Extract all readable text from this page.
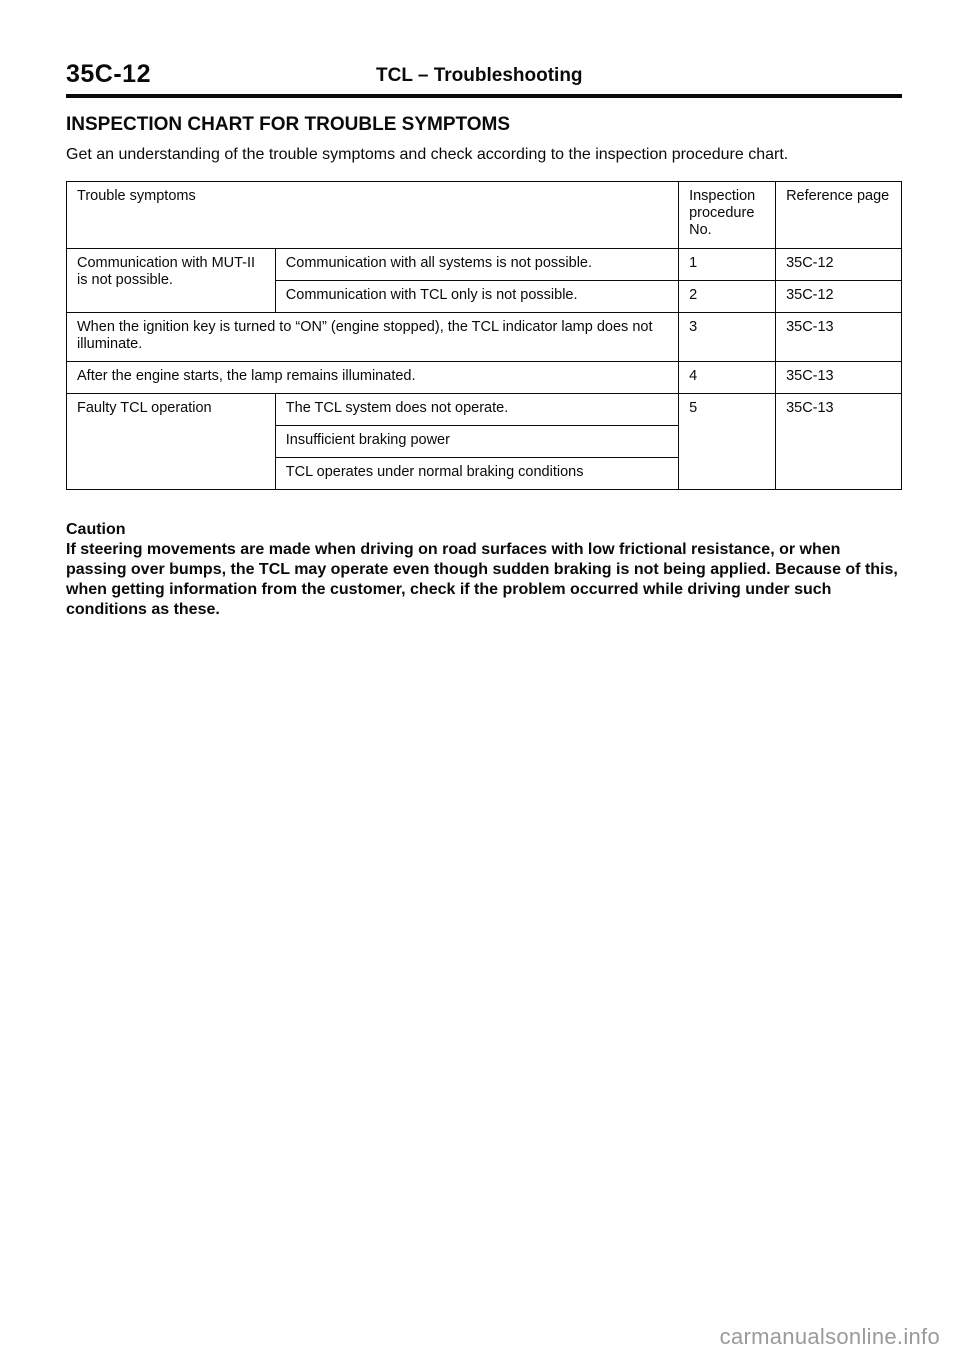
35C-12	TCL – Troubleshooting
INSPECTION CHART FOR TROUBLE SYMPTOMS

Get an understanding of the trouble symptoms and check according to the inspection procedure chart.

Trouble symptoms		Inspection procedure No.	Reference page
Communication with MUT-II is not possible.	Communication with all systems is not possible.	1	35C-12
	Communication with TCL only is not possible.	2	35C-12
When the ignition key is turned to “ON” (engine stopped), the TCL indicator lamp does not illuminate.		3	35C-13
After the engine starts, the lamp remains illuminated.		4	35C-13
Faulty TCL operation	The TCL system does not operate.	5	35C-13
	Insufficient braking power		
	TCL operates under normal braking conditions		
Caution
If steering movements are made when driving on road surfaces with low frictional resistance, or when passing over bumps, the TCL may operate even though sudden braking is not being applied. Because of this, when getting information from the customer, check if the problem occurred while driving under such conditions as these.
carmanualsonline.info
